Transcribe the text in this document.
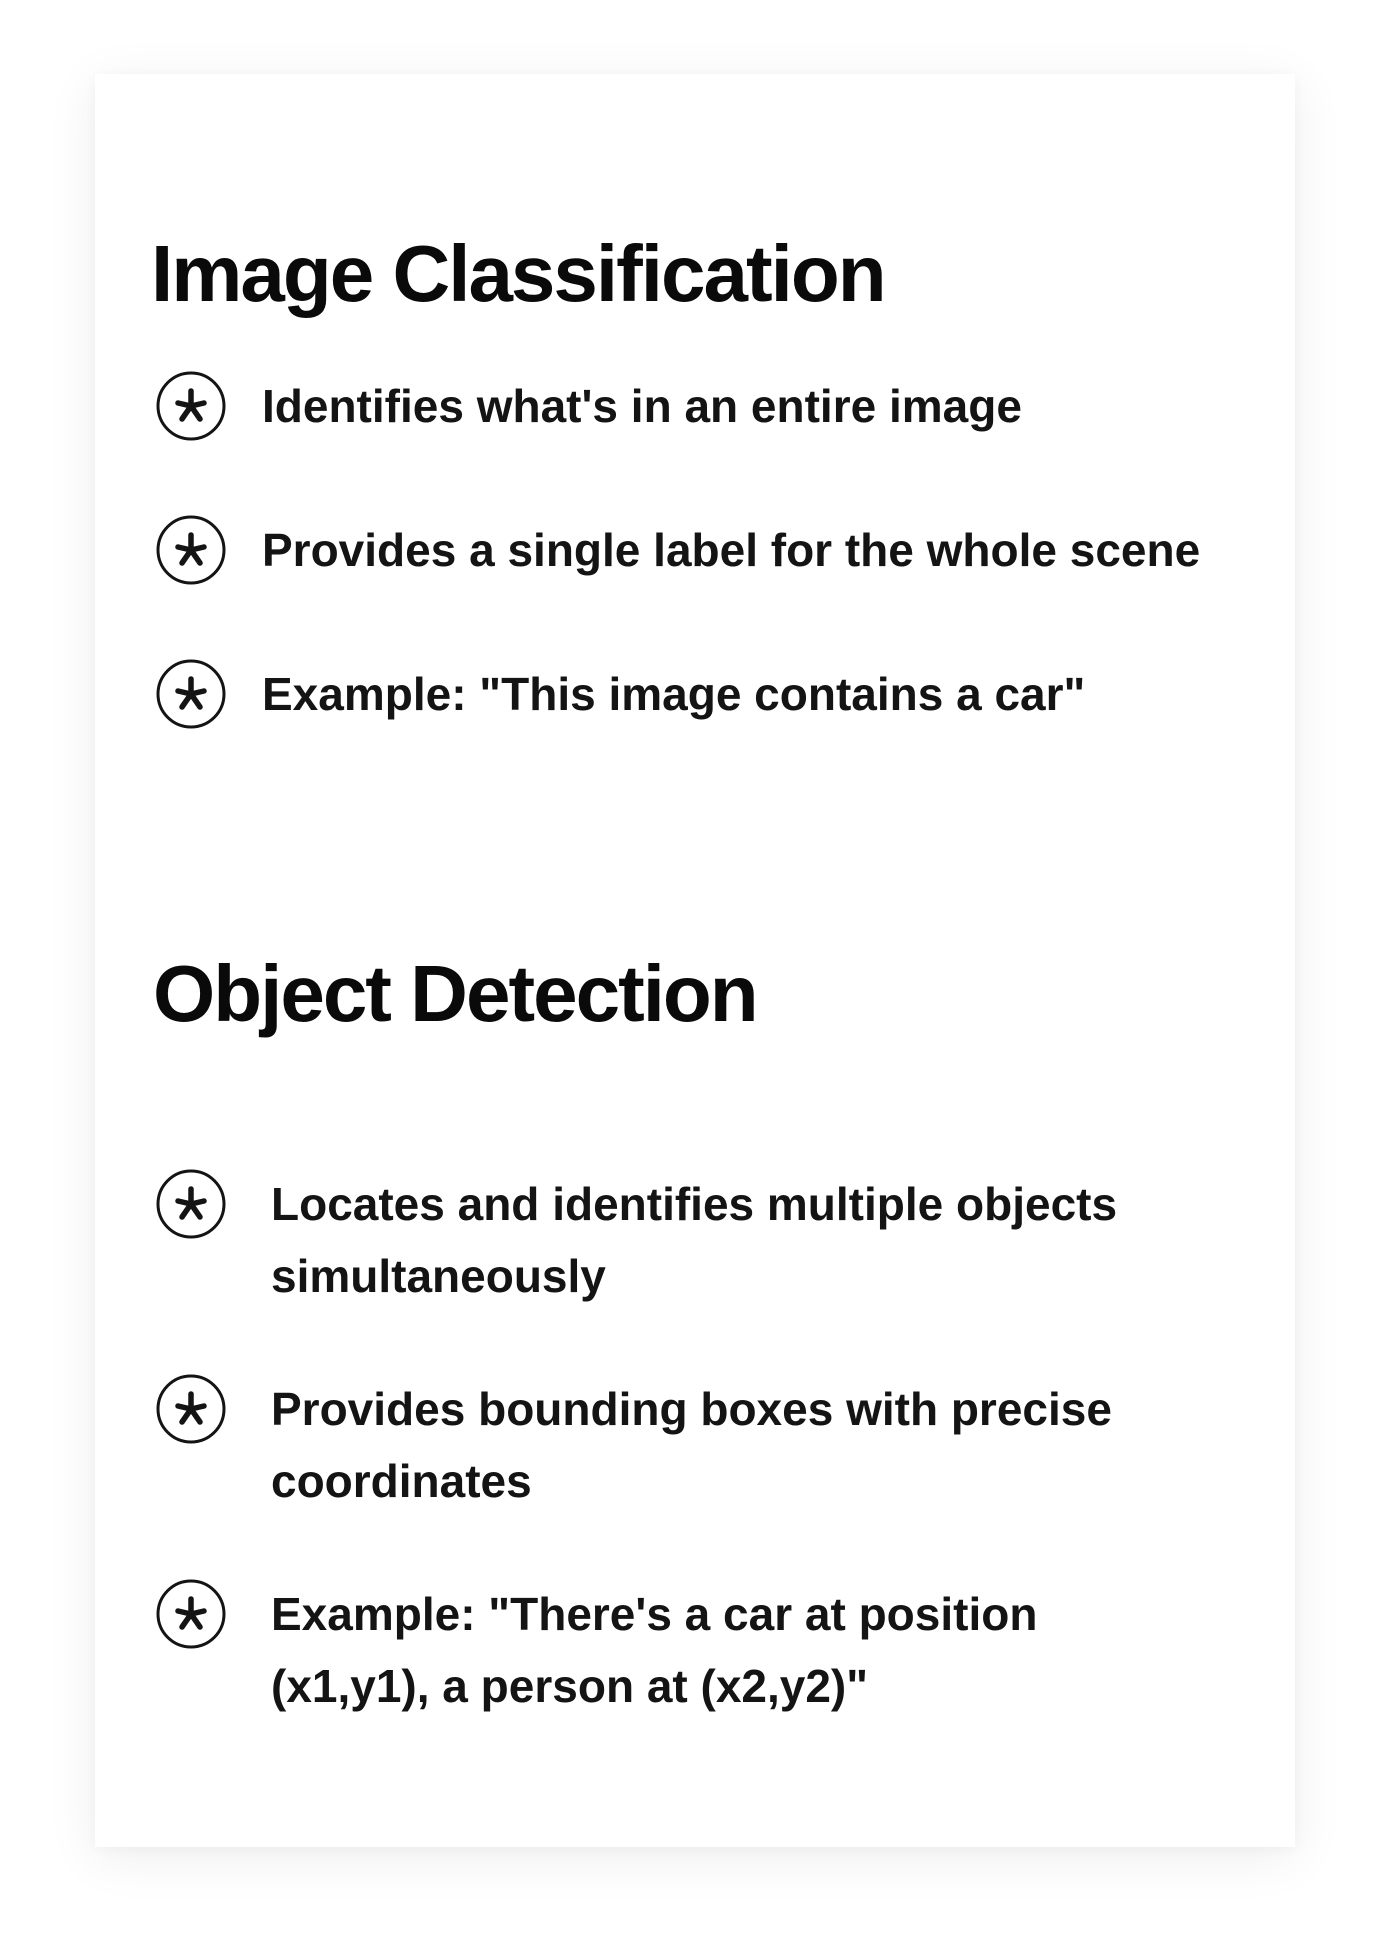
Image Classification
Identifies what's in an entire image
Provides a single label for the whole scene
Example: "This image contains a car"
Object Detection
Locates and identifies multiple objects simultaneously
Provides bounding boxes with precise coordinates
Example: "There's a car at position (x1,y1), a person at (x2,y2)"
